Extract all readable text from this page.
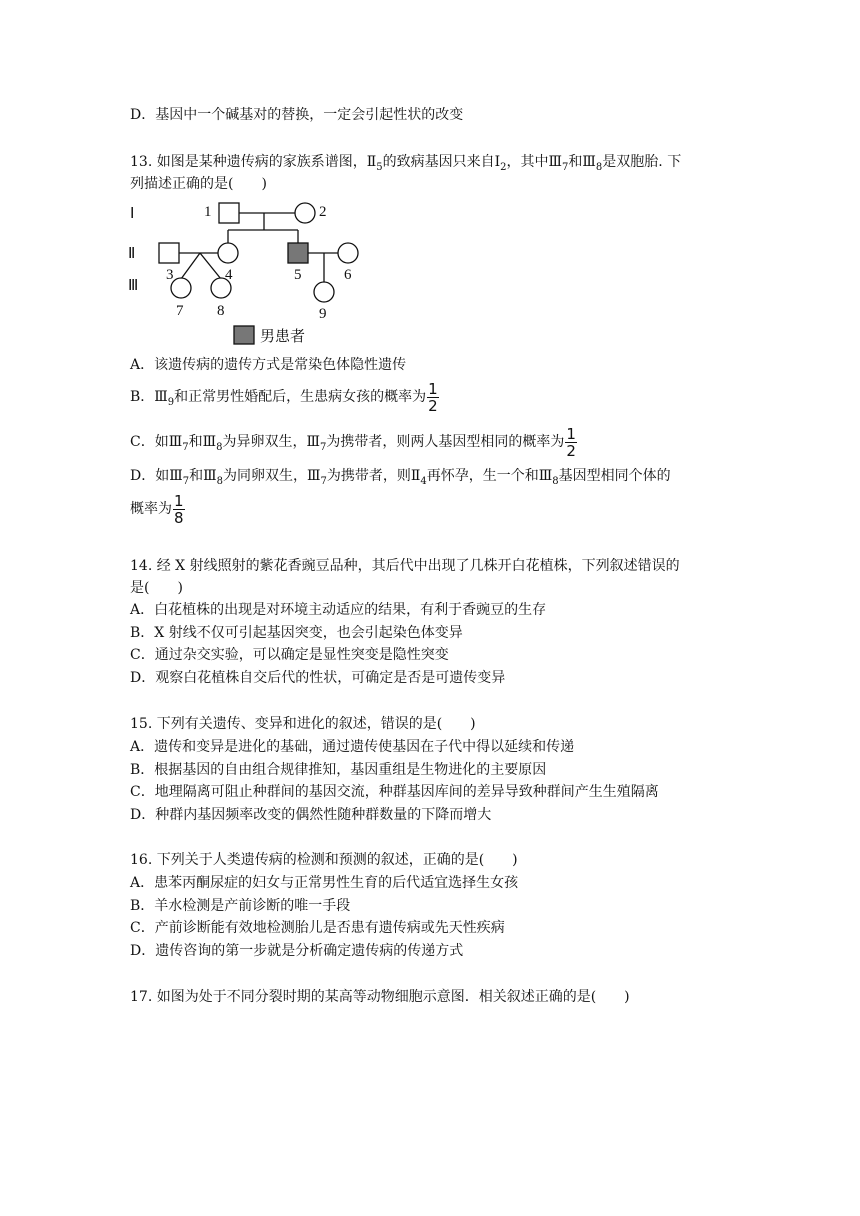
D．基因中一个碱基对的替换，一定会引起性状的改变
13. 如图是某种遗传病的家族系谱图，$Ⅱ_5$的致病基因只来自$Ⅰ_2$，其中$Ⅲ_7$和$Ⅲ_8$是双胞胎. 下
列描述正确的是(　　)
Ⅰ
Ⅱ
Ⅲ
1	2
3	4	5	6
7 8	9
男患者
A．该遗传病的遗传方式是常染色体隐性遗传
B．$Ⅲ_9$和正常男性婚配后，生患病女孩的概率为 $\frac{1}{2}$
C．如$Ⅲ_7$和$Ⅲ_8$为异卵双生，$Ⅲ_7$为携带者，则两人基因型相同的概率为 $\frac{1}{2}$
D．如$Ⅲ_7$和$Ⅲ_8$为同卵双生，$Ⅲ_7$为携带者，则$Ⅱ_4$再怀孕，生一个和$Ⅲ_8$基因型相同个体的
概率为 $\frac{1}{8}$
14. 经 X 射线照射的紫花香豌豆品种，其后代中出现了几株开白花植株，下列叙述错误的
是(　　)
A．白花植株的出现是对环境主动适应的结果，有利于香豌豆的生存
B．X 射线不仅可引起基因突变，也会引起染色体变异
C．通过杂交实验，可以确定是显性突变是隐性突变
D．观察白花植株自交后代的性状，可确定是否是可遗传变异
15. 下列有关遗传、变异和进化的叙述，错误的是(　　)
A．遗传和变异是进化的基础，通过遗传使基因在子代中得以延续和传递
B．根据基因的自由组合规律推知，基因重组是生物进化的主要原因
C．地理隔离可阻止种群间的基因交流，种群基因库间的差异导致种群间产生生殖隔离
D．种群内基因频率改变的偶然性随种群数量的下降而增大
16. 下列关于人类遗传病的检测和预测的叙述，正确的是(　　)
A．患苯丙酮尿症的妇女与正常男性生育的后代适宜选择生女孩
B．羊水检测是产前诊断的唯一手段
C．产前诊断能有效地检测胎儿是否患有遗传病或先天性疾病
D．遗传咨询的第一步就是分析确定遗传病的传递方式
17. 如图为处于不同分裂时期的某高等动物细胞示意图．相关叙述正确的是(　　)
